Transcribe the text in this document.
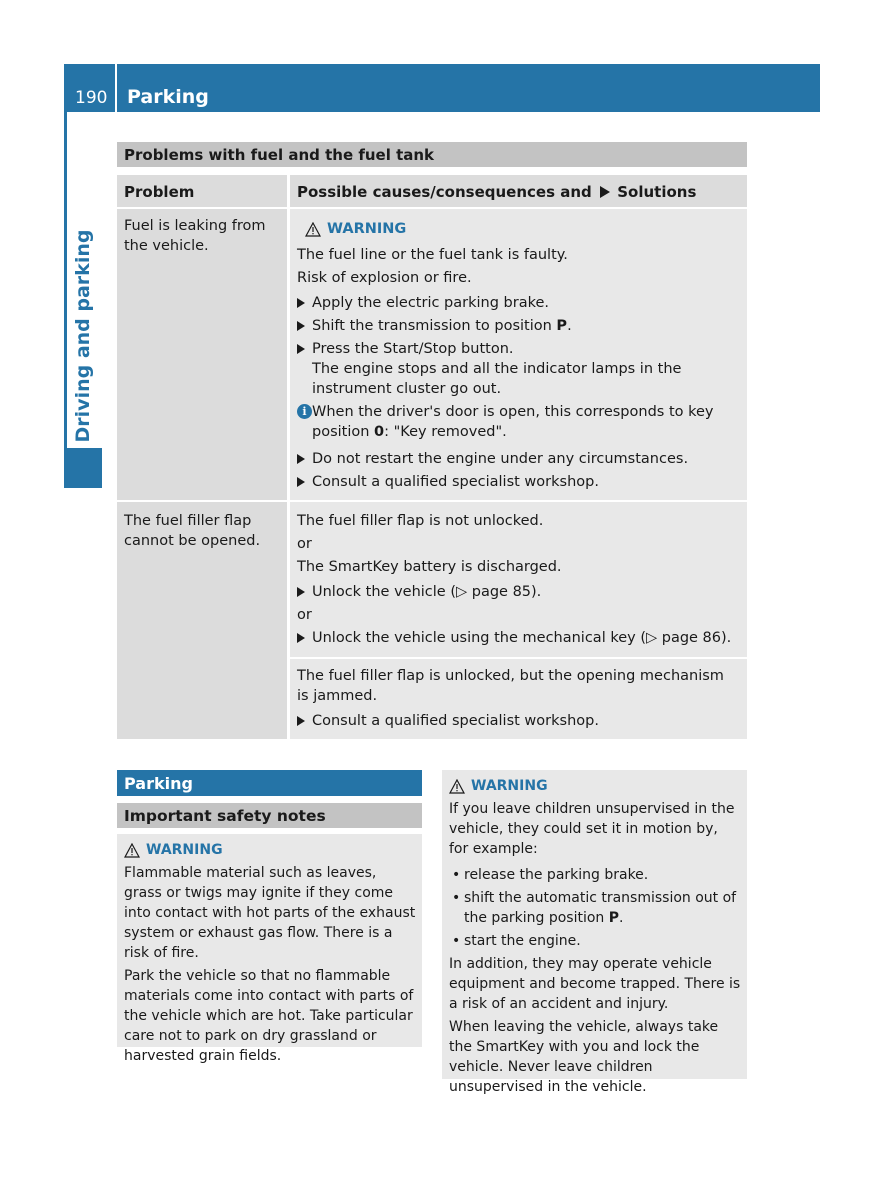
190 Parking
Driving and parking
Problems with fuel and the fuel tank
Problem	Possible causes/consequences and Solutions
Fuel is leaking from the vehicle.
WARNING
The fuel line or the fuel tank is faulty.
Risk of explosion or fire.
Apply the electric parking brake.
Shift the transmission to position P.
Press the Start/Stop button.
The engine stops and all the indicator lamps in the instrument cluster go out.
i When the driver's door is open, this corresponds to key position 0: "Key removed".
Do not restart the engine under any circumstances.
Consult a qualified specialist workshop.
The fuel filler flap cannot be opened.
The fuel filler flap is not unlocked.
or
The SmartKey battery is discharged.
Unlock the vehicle (▷ page 85).
or
Unlock the vehicle using the mechanical key (▷ page 86).
The fuel filler flap is unlocked, but the opening mechanism is jammed.
Consult a qualified specialist workshop.
Parking
Important safety notes
WARNING
Flammable material such as leaves, grass or twigs may ignite if they come into contact with hot parts of the exhaust system or exhaust gas flow. There is a risk of fire.
Park the vehicle so that no flammable materials come into contact with parts of the vehicle which are hot. Take particular care not to park on dry grassland or harvested grain fields.
WARNING
If you leave children unsupervised in the vehicle, they could set it in motion by, for example:
• release the parking brake.
• shift the automatic transmission out of the parking position P.
• start the engine.
In addition, they may operate vehicle equipment and become trapped. There is a risk of an accident and injury.
When leaving the vehicle, always take the SmartKey with you and lock the vehicle. Never leave children unsupervised in the vehicle.
